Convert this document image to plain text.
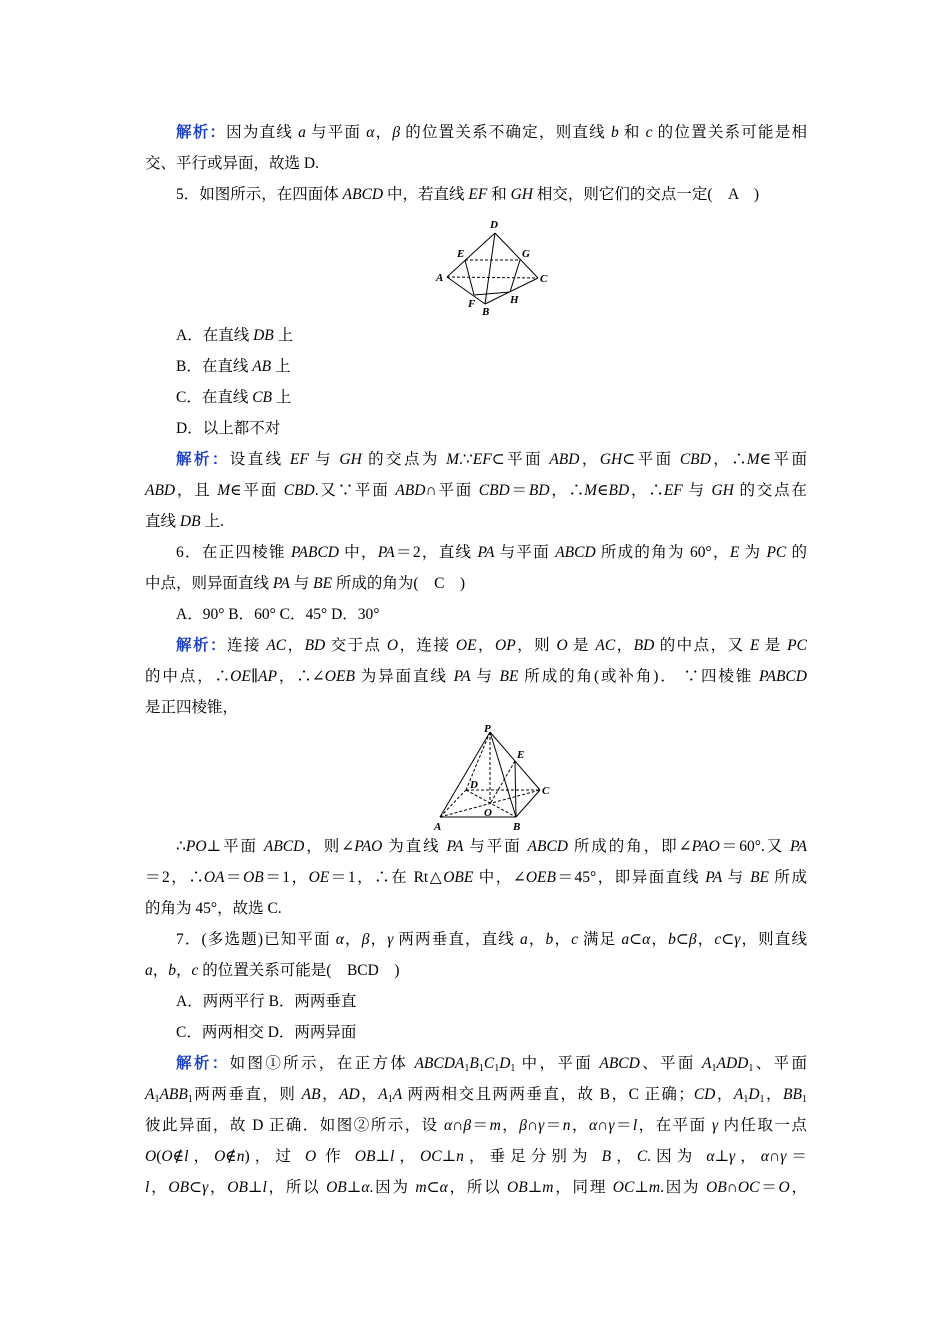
解析：因为直线 a 与平面 α，β 的位置关系不确定，则直线 b 和 c 的位置关系可能是相
交、平行或异面，故选 D.
5．如图所示，在四面体 ABCD 中，若直线 EF 和 GH 相交，则它们的交点一定(　A　)
D
E	G
A	C
F
B
H
A．在直线 DB 上
B．在直线 AB 上
C．在直线 CB 上
D．以上都不对
解析：设直线 EF 与 GH 的交点为 M.∵EF⊂平面 ABD，GH⊂平面 CBD，∴M∈平面
ABD，且 M∈平面 CBD.又∵平面 ABD∩平面 CBD＝BD，∴M∈BD，∴EF 与 GH 的交点在
直线 DB 上.
6．在正四棱锥 PABCD 中，PA＝2，直线 PA 与平面 ABCD 所成的角为 60°，E 为 PC 的
中点，则异面直线 PA 与 BE 所成的角为(　C　)
A．90° B．60° C．45° D．30°
解析：连接 AC，BD 交于点 O，连接 OE，OP，则 O 是 AC，BD 的中点，又 E 是 PC
的中点，∴OE∥AP，∴∠OEB 为异面直线 PA 与 BE 所成的角(或补角)． ∵四棱锥 PABCD
是正四棱锥，
P
E
D	C
O
A	B
∴PO⊥平面 ABCD，则∠PAO 为直线 PA 与平面 ABCD 所成的角，即∠PAO＝60°.又 PA
＝2，∴OA＝OB＝1，OE＝1，∴在 Rt△OBE 中，∠OEB＝45°，即异面直线 PA 与 BE 所成
的角为 45°，故选 C.
7．(多选题)已知平面 α，β，γ 两两垂直，直线 a，b，c 满足 a⊂α，b⊂β，c⊂γ，则直线
a，b，c 的位置关系可能是(　BCD　)
A．两两平行 B．两两垂直
C．两两相交 D．两两异面
解析：如图①所示，在正方体 $ABCDA_1B_1C_1D_1$ 中，平面 ABCD、平面 $A_1ADD_1$、平面
$A_1ABB_1$两两垂直，则 AB，AD，$A_1A$ 两两相交且两两垂直，故 B，C 正确；CD，$A_1D_1$，$BB_1$
彼此异面，故 D 正确．如图②所示，设 α∩β＝m，β∩γ＝n，α∩γ＝l，在平面 γ 内任取一点
O(O∉l，O∉n)，过 O 作 OB⊥l，OC⊥n，垂足分别为 B，C.因为 α⊥γ，α∩γ＝
l，OB⊂γ，OB⊥l，所以 OB⊥α.因为 m⊂α，所以 OB⊥m，同理 OC⊥m.因为 OB∩OC＝O，
